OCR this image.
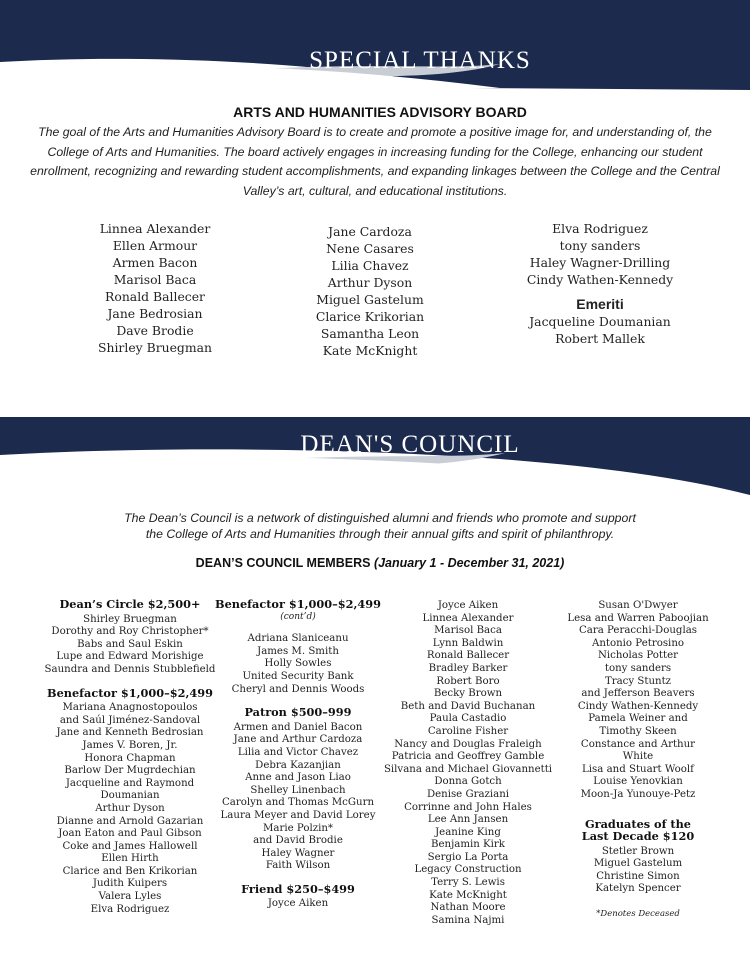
SPECIAL THANKS
ARTS AND HUMANITIES ADVISORY BOARD
The goal of the Arts and Humanities Advisory Board is to create and promote a positive image for, and understanding of, the College of Arts and Humanities. The board actively engages in increasing funding for the College, enhancing our student enrollment, recognizing and rewarding student accomplishments, and expanding linkages between the College and the Central Valley’s art, cultural, and educational institutions.
Linnea Alexander
Ellen Armour
Armen Bacon
Marisol Baca
Ronald Ballecer
Jane Bedrosian
Dave Brodie
Shirley Bruegman
Jane Cardoza
Nene Casares
Lilia Chavez
Arthur Dyson
Miguel Gastelum
Clarice Krikorian
Samantha Leon
Kate McKnight
Elva Rodriguez
tony sanders
Haley Wagner-Drilling
Cindy Wathen-Kennedy
Emeriti
Jacqueline Doumanian
Robert Mallek
DEAN'S COUNCIL
The Dean’s Council is a network of distinguished alumni and friends who promote and support
the College of Arts and Humanities through their annual gifts and spirit of philanthropy.
DEAN’S COUNCIL MEMBERS (January 1 - December 31, 2021)
Dean’s Circle $2,500+
Shirley Bruegman
Dorothy and Roy Christopher*
Babs and Saul Eskin
Lupe and Edward Morishige
Saundra and Dennis Stubblefield
Benefactor $1,000–$2,499
Mariana Anagnostopoulos
and Saúl Jiménez-Sandoval
Jane and Kenneth Bedrosian
James V. Boren, Jr.
Honora Chapman
Barlow Der Mugrdechian
Jacqueline and Raymond
Doumanian
Arthur Dyson
Dianne and Arnold Gazarian
Joan Eaton and Paul Gibson
Coke and James Hallowell
Ellen Hirth
Clarice and Ben Krikorian
Judith Kuipers
Valera Lyles
Elva Rodriguez
Benefactor $1,000–$2,499
(cont’d)
Adriana Slaniceanu
James M. Smith
Holly Sowles
United Security Bank
Cheryl and Dennis Woods
Patron $500–999
Armen and Daniel Bacon
Jane and Arthur Cardoza
Lilia and Victor Chavez
Debra Kazanjian
Anne and Jason Liao
Shelley Linenbach
Carolyn and Thomas McGurn
Laura Meyer and David Lorey
Marie Polzin*
and David Brodie
Haley Wagner
Faith Wilson
Friend $250–$499
Joyce Aiken
Joyce Aiken
Linnea Alexander
Marisol Baca
Lynn Baldwin
Ronald Ballecer
Bradley Barker
Robert Boro
Becky Brown
Beth and David Buchanan
Paula Castadio
Caroline Fisher
Nancy and Douglas Fraleigh
Patricia and Geoffrey Gamble
Silvana and Michael Giovannetti
Donna Gotch
Denise Graziani
Corrinne and John Hales
Lee Ann Jansen
Jeanine King
Benjamin Kirk
Sergio La Porta
Legacy Construction
Terry S. Lewis
Kate McKnight
Nathan Moore
Samina Najmi
Susan O'Dwyer
Lesa and Warren Paboojian
Cara Peracchi-Douglas
Antonio Petrosino
Nicholas Potter
tony sanders
Tracy Stuntz
and Jefferson Beavers
Cindy Wathen-Kennedy
Pamela Weiner and
Timothy Skeen
Constance and Arthur
White
Lisa and Stuart Woolf
Louise Yenovkian
Moon-Ja Yunouye-Petz
Graduates of the
Last Decade $120
Stetler Brown
Miguel Gastelum
Christine Simon
Katelyn Spencer
*Denotes Deceased
